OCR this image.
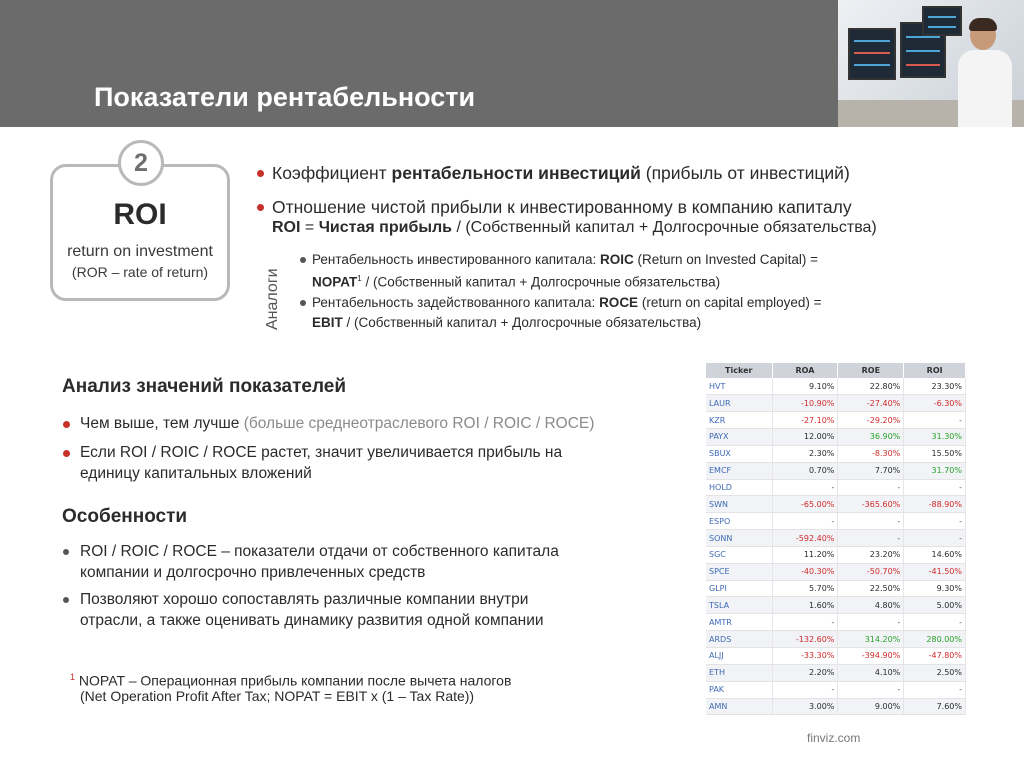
Показатели рентабельности
2
ROI
return on investment
(ROR – rate of return)
Коэффициент рентабельности инвестиций (прибыль от инвестиций)
Отношение чистой прибыли к инвестированному в компанию капиталу
ROI = Чистая прибыль / (Собственный капитал + Долгосрочные обязательства)
Аналоги
Рентабельность инвестированного капитала: ROIC (Return on Invested Capital) =
$NOPAT^1$ / (Собственный капитал + Долгосрочные обязательства)
Рентабельность задействованного капитала: ROCE (return on capital employed) =
EBIT / (Собственный капитал + Долгосрочные обязательства)
Анализ значений показателей
Чем выше, тем лучше (больше среднеотраслевого ROI / ROIC / ROCE)
Если ROI / ROIC / ROCE растет, значит увеличивается прибыль на
единицу капитальных вложений
Особенности
ROI / ROIC / ROCE – показатели отдачи от собственного капитала
компании и долгосрочно привлеченных средств
Позволяют хорошо сопоставлять различные компании внутри
отрасли, а также оценивать динамику развития одной компании
$^1$ NOPAT – Операционная прибыль компании после вычета налогов
(Net Operation Profit After Tax; NOPAT = EBIT x (1 – Tax Rate))
Ticker	ROA	ROE	ROI
HVT	9.10%	22.80%	23.30%
LAUR	-10.90%	-27.40%	-6.30%
KZR	-27.10%	-29.20%	-
PAYX	12.00%	36.90%	31.30%
SBUX	2.30%	-8.30%	15.50%
EMCF	0.70%	7.70%	31.70%
HOLD	-	-	-
SWN	-65.00%	-365.60%	-88.90%
ESPO	-	-	-
SONN	-592.40%	-	-
SGC	11.20%	23.20%	14.60%
SPCE	-40.30%	-50.70%	-41.50%
GLPI	5.70%	22.50%	9.30%
TSLA	1.60%	4.80%	5.00%
AMTR	-	-	-
ARDS	-132.60%	314.20%	280.00%
ALJJ	-33.30%	-394.90%	-47.80%
ETH	2.20%	4.10%	2.50%
PAK	-	-	-
AMN	3.00%	9.00%	7.60%
finviz.com
